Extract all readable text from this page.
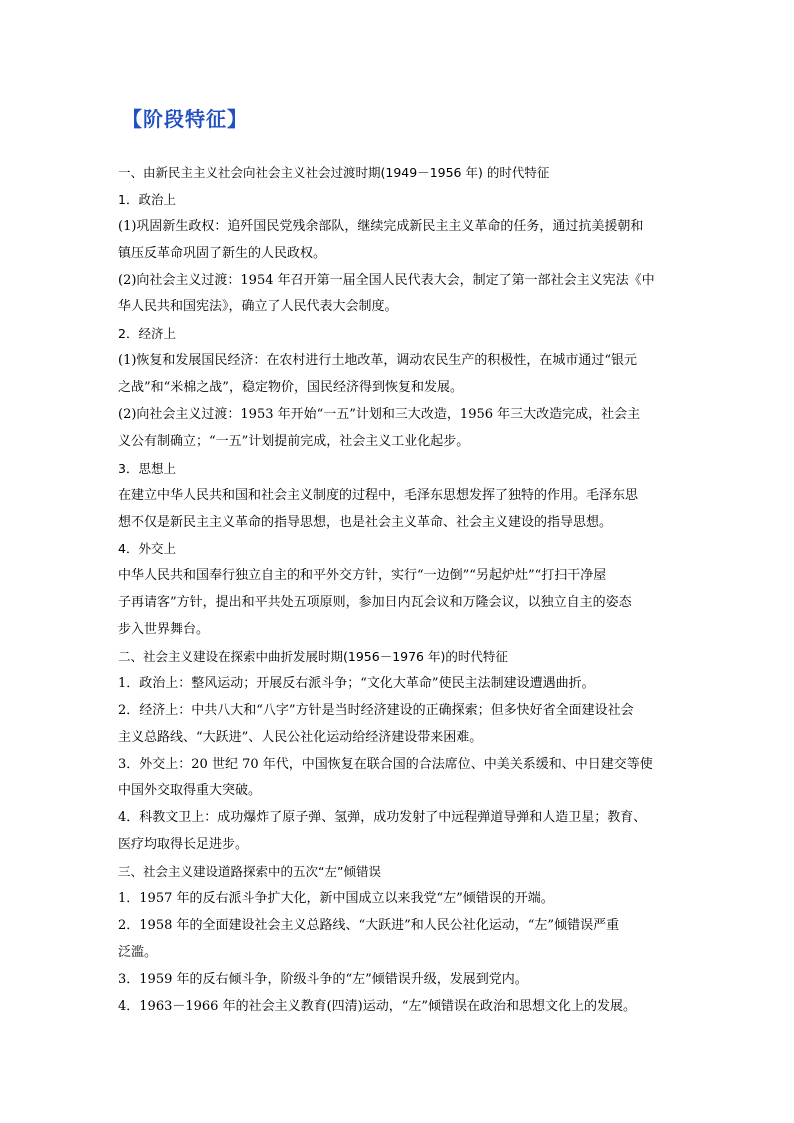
【阶段特征】
一、由新民主主义社会向社会主义社会过渡时期(1949－1956 年) 的时代特征
1．政治上
(1)巩固新生政权：追歼国民党残余部队，继续完成新民主主义革命的任务，通过抗美援朝和
镇压反革命巩固了新生的人民政权。
(2)向社会主义过渡：1954 年召开第一届全国人民代表大会，制定了第一部社会主义宪法《中
华人民共和国宪法》，确立了人民代表大会制度。
2．经济上
(1)恢复和发展国民经济：在农村进行土地改革，调动农民生产的积极性，在城市通过“银元
之战”和“米棉之战”，稳定物价，国民经济得到恢复和发展。
(2)向社会主义过渡：1953 年开始“一五”计划和三大改造，1956 年三大改造完成，社会主
义公有制确立；“一五”计划提前完成，社会主义工业化起步。
3．思想上
在建立中华人民共和国和社会主义制度的过程中，毛泽东思想发挥了独特的作用。毛泽东思
想不仅是新民主主义革命的指导思想，也是社会主义革命、社会主义建设的指导思想。
4．外交上
中华人民共和国奉行独立自主的和平外交方针，实行“一边倒”“另起炉灶”“打扫干净屋
子再请客”方针，提出和平共处五项原则，参加日内瓦会议和万隆会议，以独立自主的姿态
步入世界舞台。
二、社会主义建设在探索中曲折发展时期(1956－1976 年)的时代特征
1．政治上：整风运动；开展反右派斗争；“文化大革命”使民主法制建设遭遇曲折。
2．经济上：中共八大和“八字”方针是当时经济建设的正确探索；但多快好省全面建设社会
主义总路线、“大跃进”、人民公社化运动给经济建设带来困难。
3．外交上：20 世纪 70 年代，中国恢复在联合国的合法席位、中美关系缓和、中日建交等使
中国外交取得重大突破。
4．科教文卫上：成功爆炸了原子弹、氢弹，成功发射了中远程弹道导弹和人造卫星；教育、
医疗均取得长足进步。
三、社会主义建设道路探索中的五次“左”倾错误
1．1957 年的反右派斗争扩大化，新中国成立以来我党“左”倾错误的开端。
2．1958 年的全面建设社会主义总路线、“大跃进”和人民公社化运动，“左”倾错误严重
泛滥。
3．1959 年的反右倾斗争，阶级斗争的“左”倾错误升级，发展到党内。
4．1963－1966 年的社会主义教育(四清)运动，“左”倾错误在政治和思想文化上的发展。
